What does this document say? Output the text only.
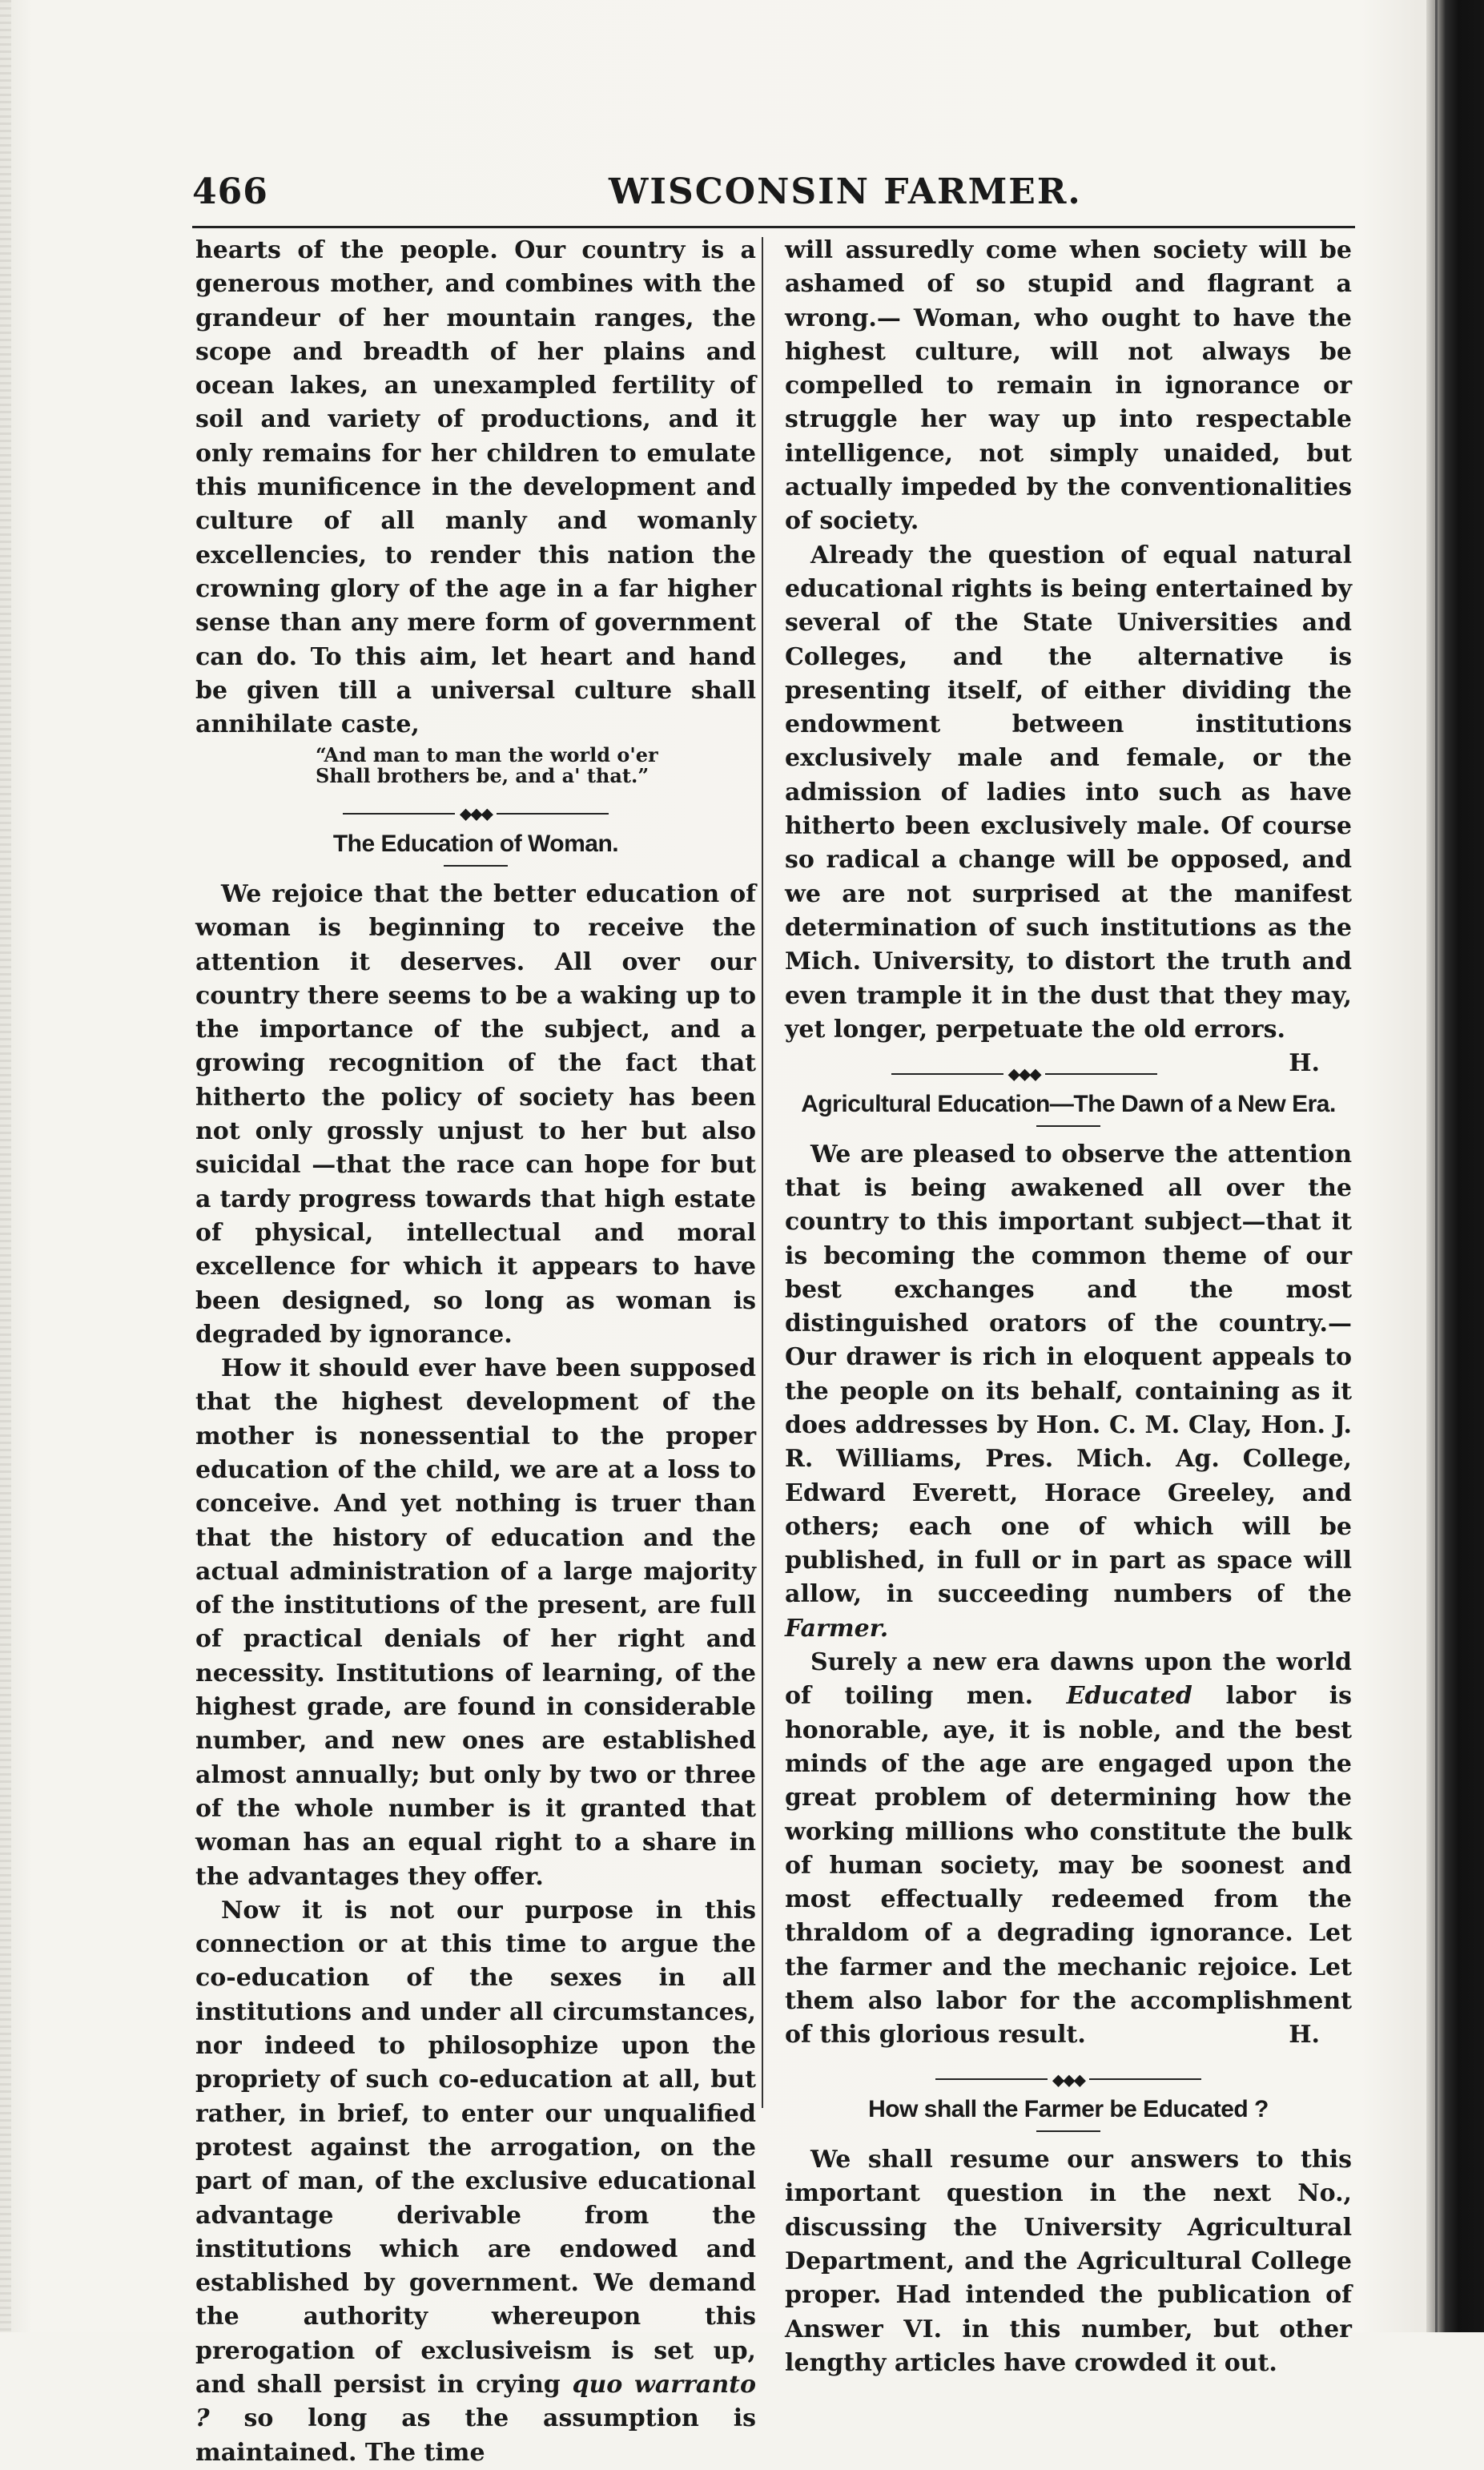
466	WISCONSIN FARMER.

hearts of the people. Our country is a generous mother, and combines with the grandeur of her mountain ranges, the scope and breadth of her plains and ocean lakes, an unexampled fertility of soil and variety of productions, and it only remains for her children to emulate this munificence in the development and culture of all manly and womanly excellencies, to render this nation the crowning glory of the age in a far higher sense than any mere form of government can do. To this aim, let heart and hand be given till a universal culture shall annihilate caste,

“And man to man the world o'er
Shall brothers be, and a' that.”
◆◆◆
The Education of Woman.

We rejoice that the better education of woman is beginning to receive the attention it deserves. All over our country there seems to be a waking up to the importance of the subject, and a growing recognition of the fact that hitherto the policy of society has been not only grossly unjust to her but also suicidal —that the race can hope for but a tardy progress towards that high estate of physical, intellectual and moral excellence for which it appears to have been designed, so long as woman is degraded by ignorance.

How it should ever have been supposed that the highest development of the mother is nonessential to the proper education of the child, we are at a loss to conceive. And yet nothing is truer than that the history of education and the actual administration of a large majority of the institutions of the present, are full of practical denials of her right and necessity. Institutions of learning, of the highest grade, are found in considerable number, and new ones are established almost annually; but only by two or three of the whole number is it granted that woman has an equal right to a share in the advantages they offer.

Now it is not our purpose in this connection or at this time to argue the co-education of the sexes in all institutions and under all circumstances, nor indeed to philosophize upon the propriety of such co-education at all, but rather, in brief, to enter our unqualified protest against the arrogation, on the part of man, of the exclusive educational advantage derivable from the institutions which are endowed and established by government. We demand the authority whereupon this prerogation of exclusiveism is set up, and shall persist in crying quo warranto ? so long as the assumption is maintained. The time

will assuredly come when society will be ashamed of so stupid and flagrant a wrong.— Woman, who ought to have the highest culture, will not always be compelled to remain in ignorance or struggle her way up into respectable intelligence, not simply unaided, but actually impeded by the conventionalities of society.

Already the question of equal natural educational rights is being entertained by several of the State Universities and Colleges, and the alternative is presenting itself, of either dividing the endowment between institutions exclusively male and female, or the admission of ladies into such as have hitherto been exclusively male. Of course so radical a change will be opposed, and we are not surprised at the manifest determination of such institutions as the Mich. University, to distort the truth and even trample it in the dust that they may, yet longer, perpetuate the old errors.
H.

◆◆◆
Agricultural Education—The Dawn of a New Era.

We are pleased to observe the attention that is being awakened all over the country to this important subject—that it is becoming the common theme of our best exchanges and the most distinguished orators of the country.— Our drawer is rich in eloquent appeals to the people on its behalf, containing as it does addresses by Hon. C. M. Clay, Hon. J. R. Williams, Pres. Mich. Ag. College, Edward Everett, Horace Greeley, and others; each one of which will be published, in full or in part as space will allow, in succeeding numbers of the Farmer.

Surely a new era dawns upon the world of toiling men. Educated labor is honorable, aye, it is noble, and the best minds of the age are engaged upon the great problem of determining how the working millions who constitute the bulk of human society, may be soonest and most effectually redeemed from the thraldom of a degrading ignorance. Let the farmer and the mechanic rejoice. Let them also labor for the accomplishment of this glorious result.	H.

◆◆◆
How shall the Farmer be Educated ?

We shall resume our answers to this important question in the next No., discussing the University Agricultural Department, and the Agricultural College proper. Had intended the publication of Answer VI. in this number, but other lengthy articles have crowded it out.
